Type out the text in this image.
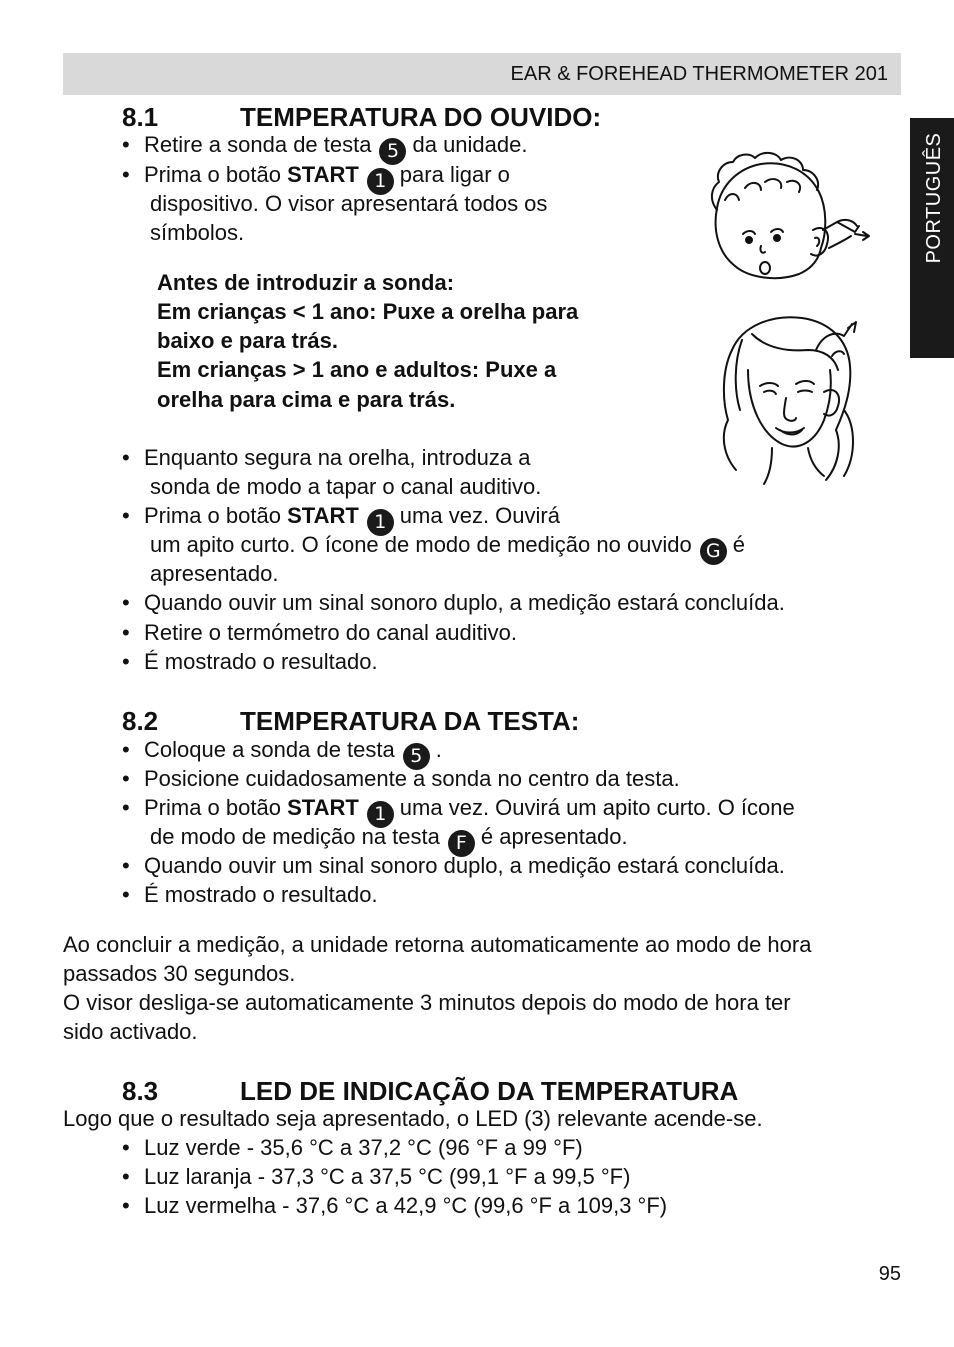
EAR & FOREHEAD THERMOMETER 201
PORTUGUÊS
8.1	TEMPERATURA DO OUVIDO:
• Retire a sonda de testa 5 da unidade.
• Prima o botão START 1 para ligar o
dispositivo. O visor apresentará todos os
símbolos.
Antes de introduzir a sonda:
Em crianças < 1 ano: Puxe a orelha para
baixo e para trás.
Em crianças > 1 ano e adultos: Puxe a
orelha para cima e para trás.
• Enquanto segura na orelha, introduza a
sonda de modo a tapar o canal auditivo.
• Prima o botão START 1 uma vez. Ouvirá
um apito curto. O ícone de modo de medição no ouvido G é
apresentado.
• Quando ouvir um sinal sonoro duplo, a medição estará concluída.
• Retire o termómetro do canal auditivo.
• É mostrado o resultado.
8.2	TEMPERATURA DA TESTA:
• Coloque a sonda de testa 5 .
• Posicione cuidadosamente a sonda no centro da testa.
• Prima o botão START 1 uma vez. Ouvirá um apito curto. O ícone
de modo de medição na testa F é apresentado.
• Quando ouvir um sinal sonoro duplo, a medição estará concluída.
• É mostrado o resultado.
Ao concluir a medição, a unidade retorna automaticamente ao modo de hora
passados 30 segundos.
O visor desliga-se automaticamente 3 minutos depois do modo de hora ter
sido activado.
8.3	LED DE INDICAÇÃO DA TEMPERATURA
Logo que o resultado seja apresentado, o LED (3) relevante acende-se.
• Luz verde - 35,6 °C a 37,2 °C (96 °F a 99 °F)
• Luz laranja - 37,3 °C a 37,5 °C (99,1 °F a 99,5 °F)
• Luz vermelha - 37,6 °C a 42,9 °C (99,6 °F a 109,3 °F)
95
